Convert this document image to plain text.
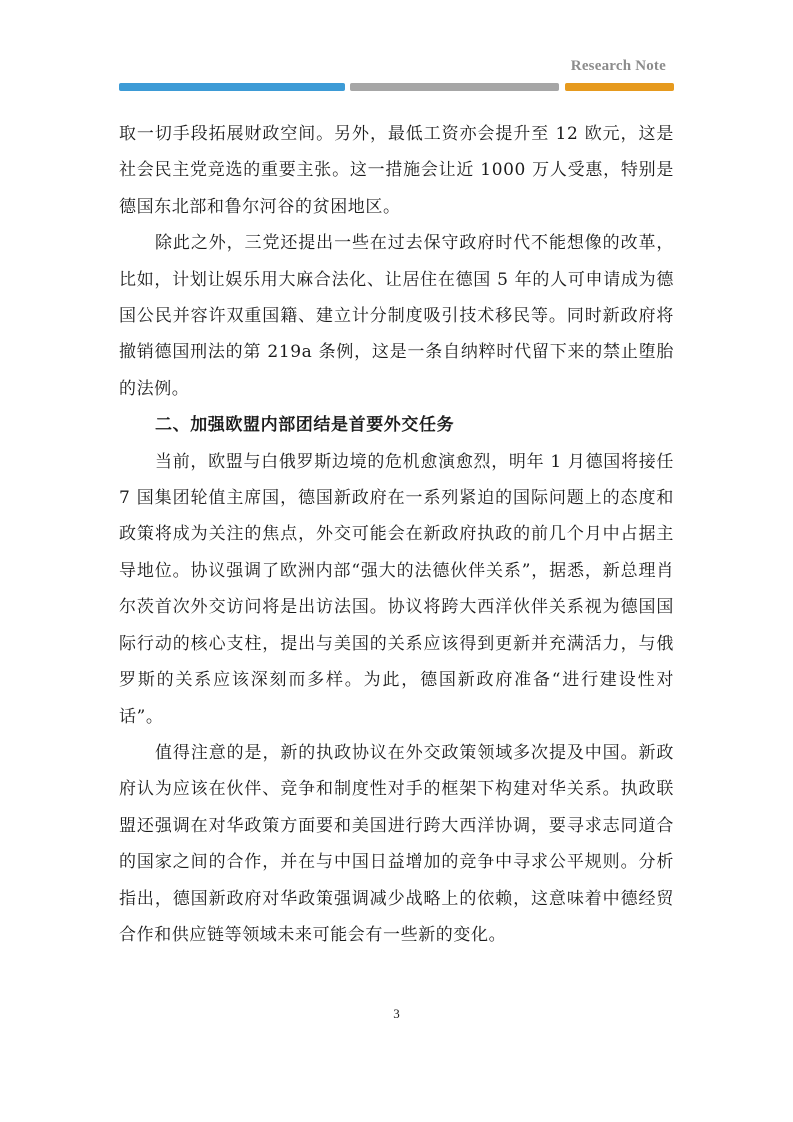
Research Note

取一切手段拓展财政空间。另外，最低工资亦会提升至 12 欧元，这是社会民主党竞选的重要主张。这一措施会让近 1000 万人受惠，特别是德国东北部和鲁尔河谷的贫困地区。

除此之外，三党还提出一些在过去保守政府时代不能想像的改革，比如，计划让娱乐用大麻合法化、让居住在德国 5 年的人可申请成为德国公民并容许双重国籍、建立计分制度吸引技术移民等。同时新政府将撤销德国刑法的第 219a 条例，这是一条自纳粹时代留下来的禁止堕胎的法例。

二、加强欧盟内部团结是首要外交任务

当前，欧盟与白俄罗斯边境的危机愈演愈烈，明年 1 月德国将接任 7 国集团轮值主席国，德国新政府在一系列紧迫的国际问题上的态度和政策将成为关注的焦点，外交可能会在新政府执政的前几个月中占据主导地位。协议强调了欧洲内部“强大的法德伙伴关系”，据悉，新总理肖尔茨首次外交访问将是出访法国。协议将跨大西洋伙伴关系视为德国国际行动的核心支柱，提出与美国的关系应该得到更新并充满活力，与俄罗斯的关系应该深刻而多样。为此，德国新政府准备“进行建设性对话”。

值得注意的是，新的执政协议在外交政策领域多次提及中国。新政府认为应该在伙伴、竞争和制度性对手的框架下构建对华关系。执政联盟还强调在对华政策方面要和美国进行跨大西洋协调，要寻求志同道合的国家之间的合作，并在与中国日益增加的竞争中寻求公平规则。分析指出，德国新政府对华政策强调减少战略上的依赖，这意味着中德经贸合作和供应链等领域未来可能会有一些新的变化。

3
